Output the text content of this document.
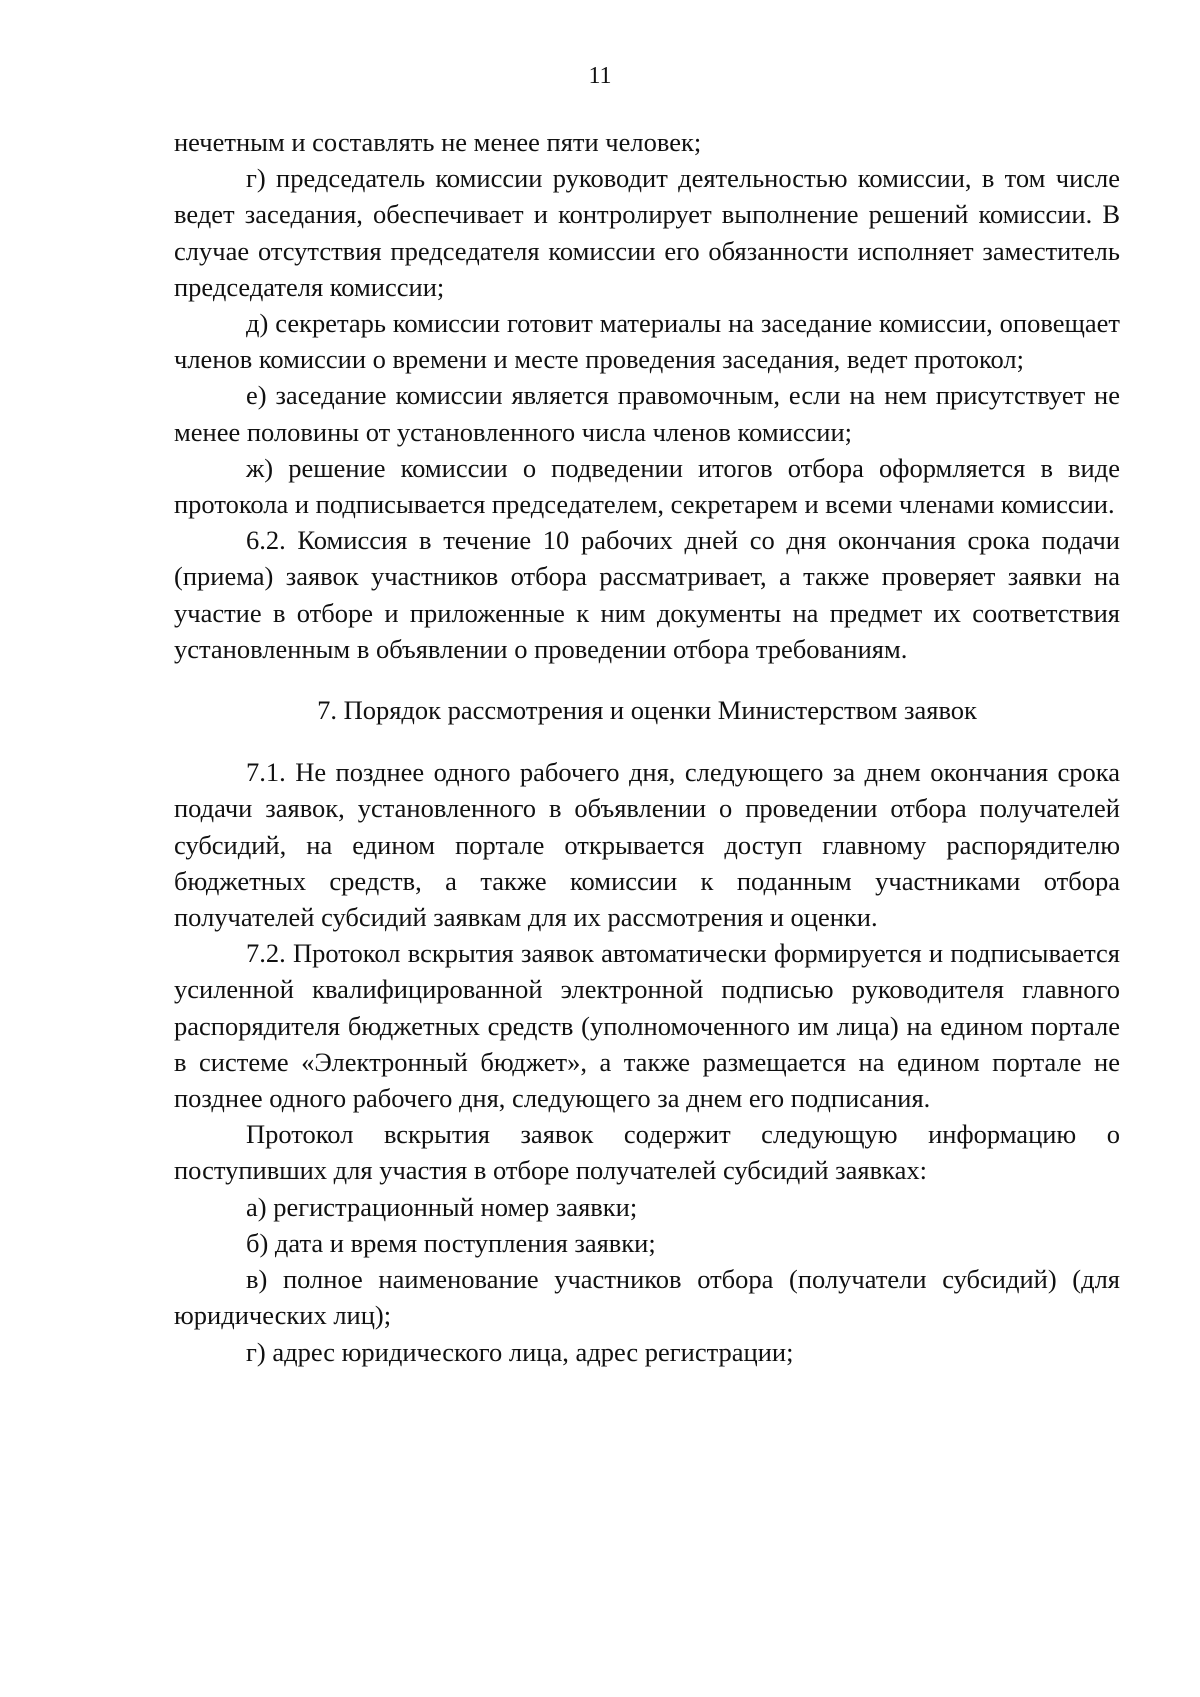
11

нечетным и составлять не менее пяти человек;

г) председатель комиссии руководит деятельностью комиссии, в том числе ведет заседания, обеспечивает и контролирует выполнение решений комиссии. В случае отсутствия председателя комиссии его обязанности исполняет заместитель председателя комиссии;

д) секретарь комиссии готовит материалы на заседание комиссии, оповещает членов комиссии о времени и месте проведения заседания, ведет протокол;

е) заседание комиссии является правомочным, если на нем присутствует не менее половины от установленного числа членов комиссии;

ж) решение комиссии о подведении итогов отбора оформляется в виде протокола и подписывается председателем, секретарем и всеми членами комиссии.

6.2. Комиссия в течение 10 рабочих дней со дня окончания срока подачи (приема) заявок участников отбора рассматривает, а также проверяет заявки на участие в отборе и приложенные к ним документы на предмет их соответствия установленным в объявлении о проведении отбора требованиям.

7. Порядок рассмотрения и оценки Министерством заявок

7.1. Не позднее одного рабочего дня, следующего за днем окончания срока подачи заявок, установленного в объявлении о проведении отбора получателей субсидий, на едином портале открывается доступ главному распорядителю бюджетных средств, а также комиссии к поданным участниками отбора получателей субсидий заявкам для их рассмотрения и оценки.

7.2. Протокол вскрытия заявок автоматически формируется и подписывается усиленной квалифицированной электронной подписью руководителя главного распорядителя бюджетных средств (уполномоченного им лица) на едином портале в системе «Электронный бюджет», а также размещается на едином портале не позднее одного рабочего дня, следующего за днем его подписания.

Протокол вскрытия заявок содержит следующую информацию о поступивших для участия в отборе получателей субсидий заявках:

а) регистрационный номер заявки;

б) дата и время поступления заявки;

в) полное наименование участников отбора (получатели субсидий) (для юридических лиц);

г) адрес юридического лица, адрес регистрации;
